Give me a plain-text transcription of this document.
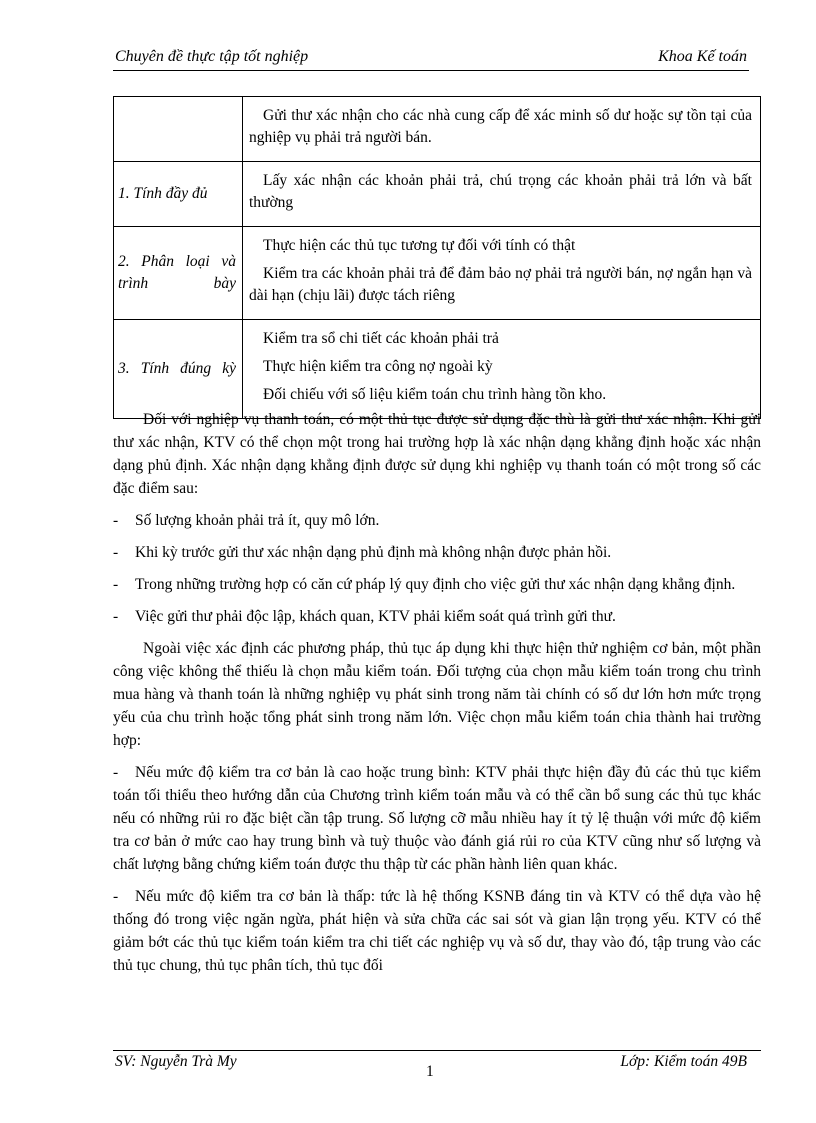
Chuyên đề thực tập tốt nghiệp	Khoa Kế toán

	Gửi thư xác nhận cho các nhà cung cấp để xác minh số dư hoặc sự tồn tại của nghiệp vụ phải trả người bán.

1. Tính đầy đủ	Lấy xác nhận các khoản phải trả, chú trọng các khoản phải trả lớn và bất thường

2. Phân loại và trình bày	Thực hiện các thủ tục tương tự đối với tính có thật
Kiểm tra các khoản phải trả để đảm bảo nợ phải trả người bán, nợ ngắn hạn và dài hạn (chịu lãi) được tách riêng

3. Tính đúng kỳ	Kiểm tra sổ chi tiết các khoản phải trả
Thực hiện kiểm tra công nợ ngoài kỳ
Đối chiếu với số liệu kiểm toán chu trình hàng tồn kho.

Đối với nghiệp vụ thanh toán, có một thủ tục được sử dụng đặc thù là gửi thư xác nhận. Khi gửi thư xác nhận, KTV có thể chọn một trong hai trường hợp là xác nhận dạng khẳng định hoặc xác nhận dạng phủ định. Xác nhận dạng khẳng định được sử dụng khi nghiệp vụ thanh toán có một trong số các đặc điểm sau:

- Số lượng khoản phải trả ít, quy mô lớn.
- Khi kỳ trước gửi thư xác nhận dạng phủ định mà không nhận được phản hồi.
- Trong những trường hợp có căn cứ pháp lý quy định cho việc gửi thư xác nhận dạng khẳng định.
- Việc gửi thư phải độc lập, khách quan, KTV phải kiểm soát quá trình gửi thư.

Ngoài việc xác định các phương pháp, thủ tục áp dụng khi thực hiện thử nghiệm cơ bản, một phần công việc không thể thiếu là chọn mẫu kiểm toán. Đối tượng của chọn mẫu kiểm toán trong chu trình mua hàng và thanh toán là những nghiệp vụ phát sinh trong năm tài chính có số dư lớn hơn mức trọng yếu của chu trình hoặc tổng phát sinh trong năm lớn. Việc chọn mẫu kiểm toán chia thành hai trường hợp:

- Nếu mức độ kiểm tra cơ bản là cao hoặc trung bình: KTV phải thực hiện đầy đủ các thủ tục kiểm toán tối thiểu theo hướng dẫn của Chương trình kiểm toán mẫu và có thể cần bổ sung các thủ tục khác nếu có những rủi ro đặc biệt cần tập trung. Số lượng cỡ mẫu nhiều hay ít tỷ lệ thuận với mức độ kiểm tra cơ bản ở mức cao hay trung bình và tuỳ thuộc vào đánh giá rủi ro của KTV cũng như số lượng và chất lượng bằng chứng kiểm toán được thu thập từ các phần hành liên quan khác.
- Nếu mức độ kiểm tra cơ bản là thấp: tức là hệ thống KSNB đáng tin và KTV có thể dựa vào hệ thống đó trong việc ngăn ngừa, phát hiện và sửa chữa các sai sót và gian lận trọng yếu. KTV có thể giảm bớt các thủ tục kiểm toán kiểm tra chi tiết các nghiệp vụ và số dư, thay vào đó, tập trung vào các thủ tục chung, thủ tục phân tích, thủ tục đối
SV: Nguyễn Trà My
1
Lớp: Kiểm toán 49B
